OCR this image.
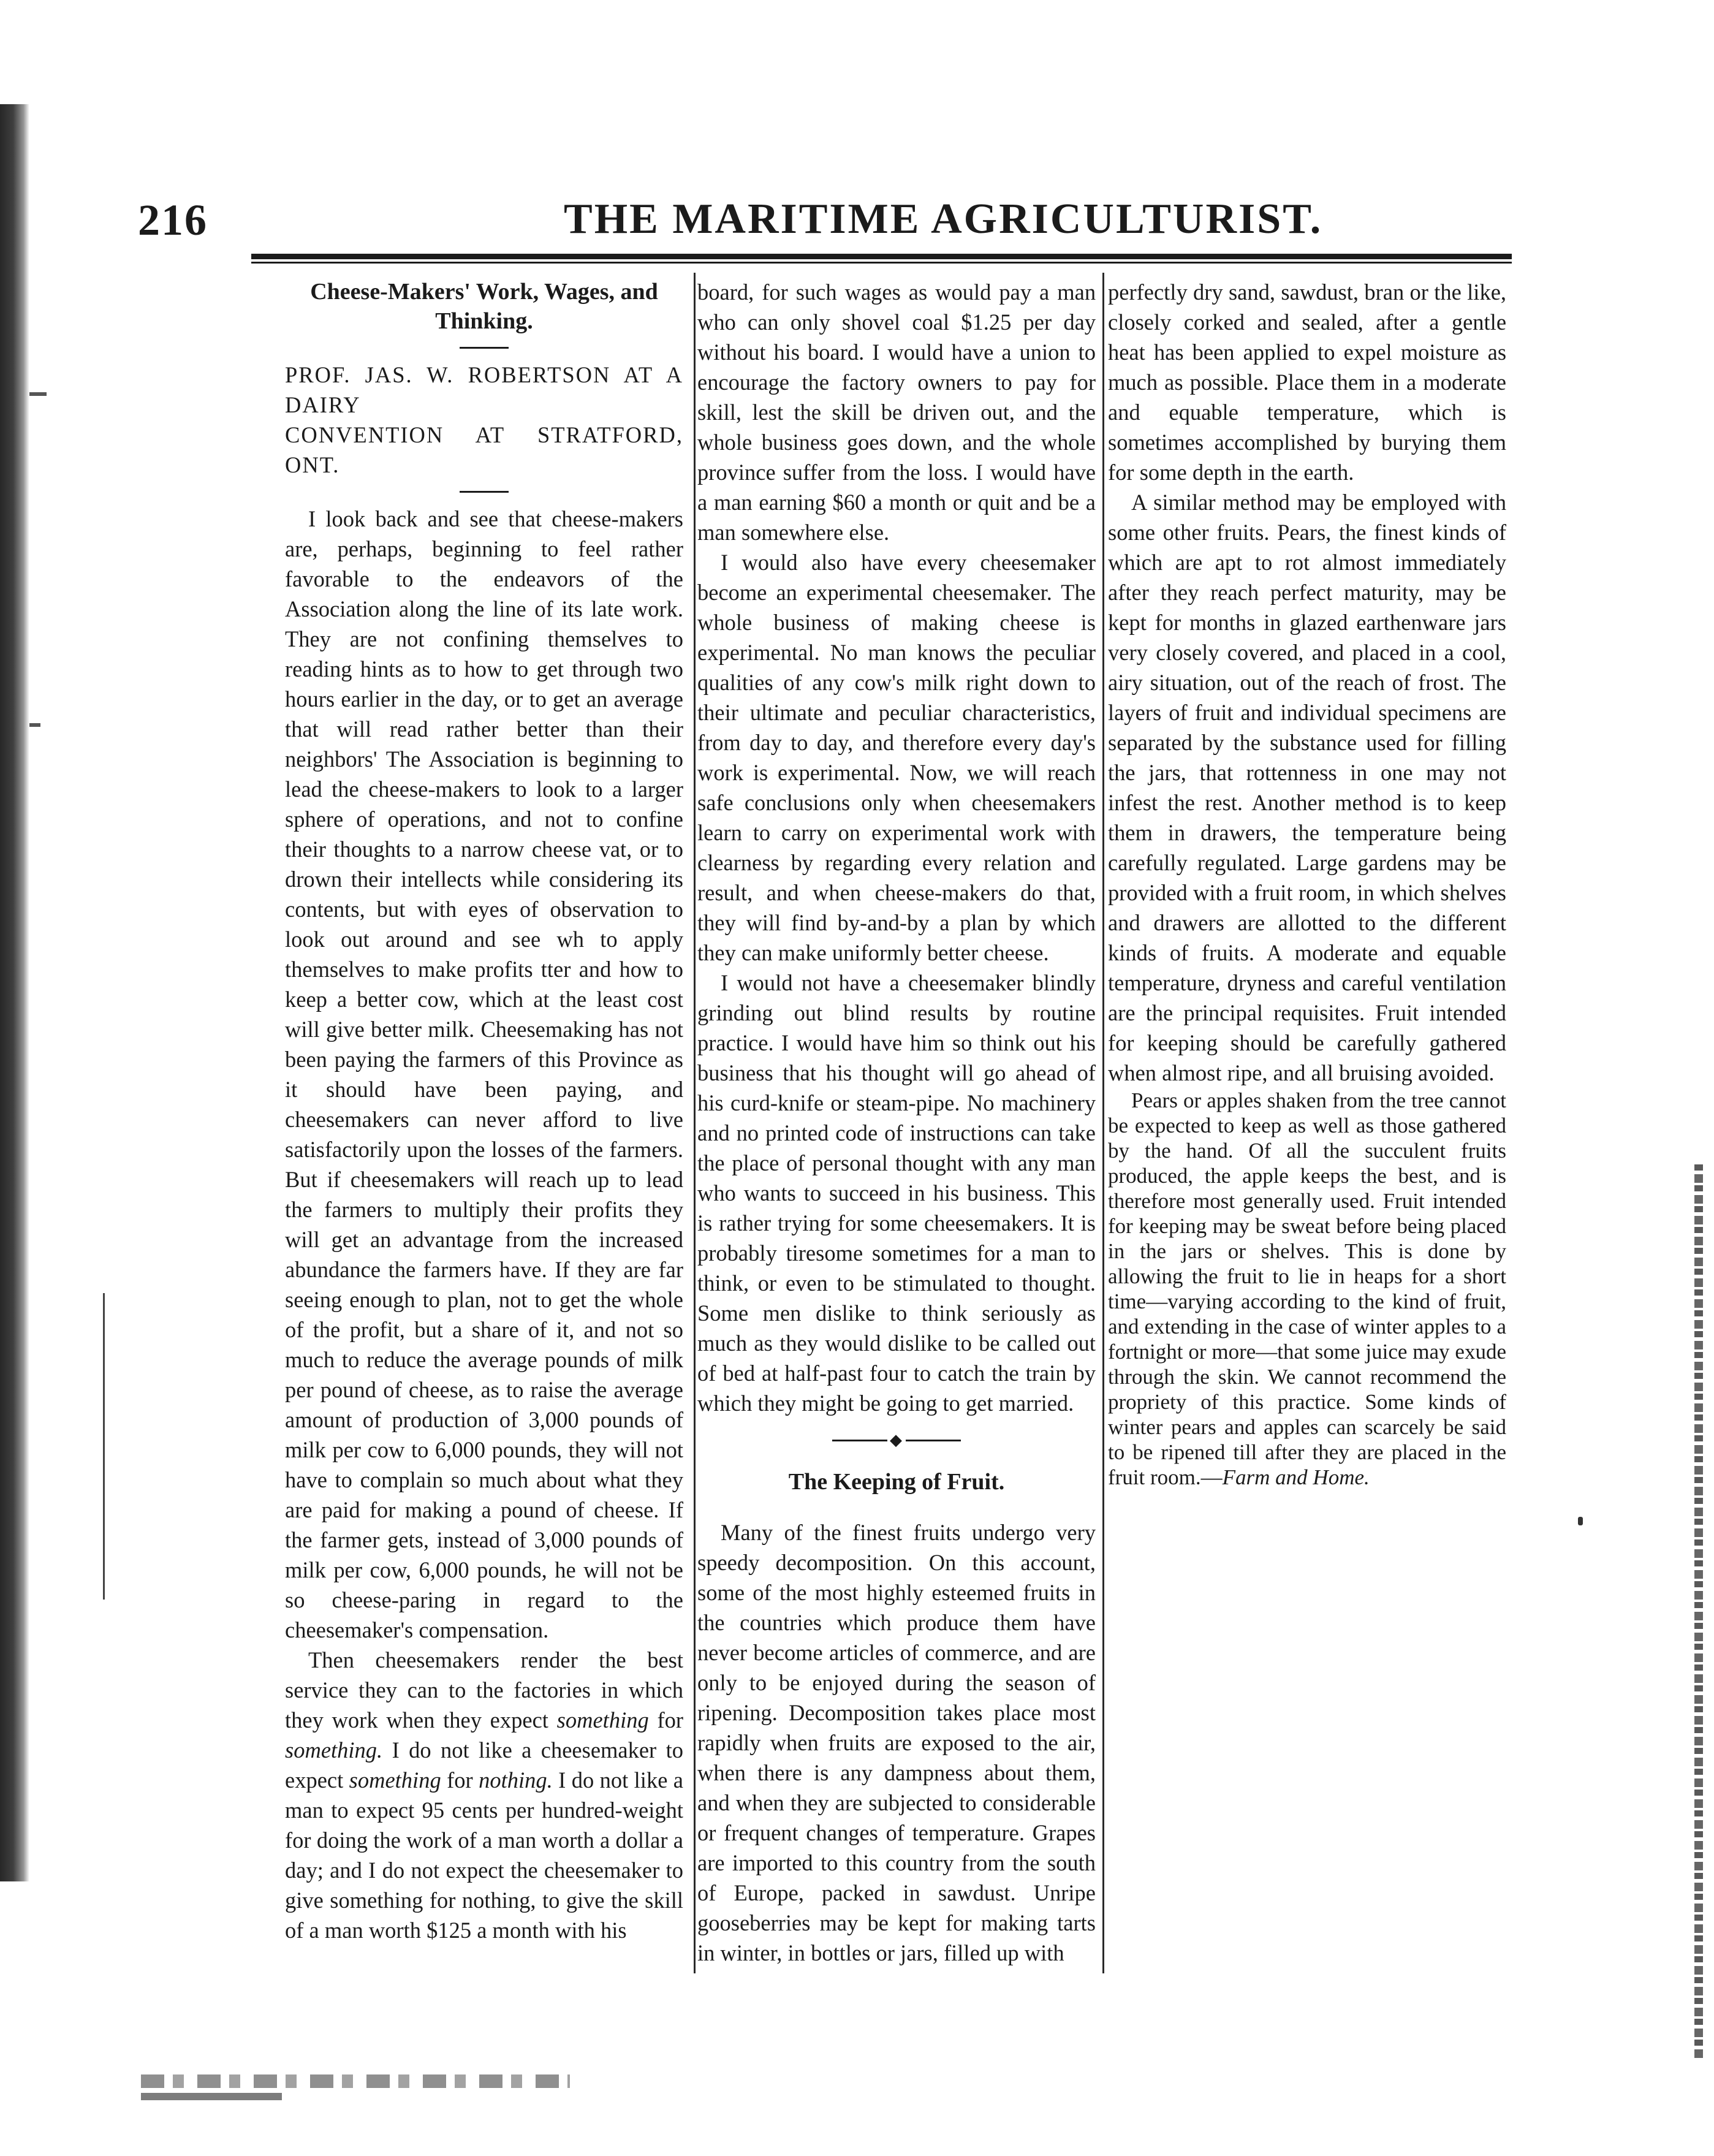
216	THE MARITIME AGRICULTURIST.
Cheese-Makers' Work, Wages, and Thinking.

PROF. JAS. W. ROBERTSON AT A DAIRY

CONVENTION AT STRATFORD, ONT.

I look back and see that cheese-makers are, perhaps, beginning to feel rather favorable to the endeavors of the Association along the line of its late work. They are not confining themselves to reading hints as to how to get through two hours earlier in the day, or to get an average that will read rather better than their neighbors' The Association is beginning to lead the cheese-makers to look to a larger sphere of operations, and not to confine their thoughts to a narrow cheese vat, or to drown their intellects while considering its contents, but with eyes of observation to look out around and see wh to apply themselves to make profits tter and how to keep a better cow, which at the least cost will give better milk. Cheesemaking has not been paying the farmers of this Province as it should have been paying, and cheesemakers can never afford to live satisfactorily upon the losses of the farmers. But if cheesemakers will reach up to lead the farmers to multiply their profits they will get an advantage from the increased abundance the farmers have. If they are far seeing enough to plan, not to get the whole of the profit, but a share of it, and not so much to reduce the average pounds of milk per pound of cheese, as to raise the average amount of production of 3,000 pounds of milk per cow to 6,000 pounds, they will not have to complain so much about what they are paid for making a pound of cheese. If the farmer gets, instead of 3,000 pounds of milk per cow, 6,000 pounds, he will not be so cheese-paring in regard to the cheesemaker's compensation.

Then cheesemakers render the best service they can to the factories in which they work when they expect something for something. I do not like a cheesemaker to expect something for nothing. I do not like a man to expect 95 cents per hundred-weight for doing the work of a man worth a dollar a day; and I do not expect the cheesemaker to give something for nothing, to give the skill of a man worth $125 a month with his

board, for such wages as would pay a man who can only shovel coal $1.25 per day without his board. I would have a union to encourage the factory owners to pay for skill, lest the skill be driven out, and the whole business goes down, and the whole province suffer from the loss. I would have a man earning $60 a month or quit and be a man somewhere else.

I would also have every cheesemaker become an experimental cheesemaker. The whole business of making cheese is experimental. No man knows the peculiar qualities of any cow's milk right down to their ultimate and peculiar characteristics, from day to day, and therefore every day's work is experimental. Now, we will reach safe conclusions only when cheesemakers learn to carry on experimental work with clearness by regarding every relation and result, and when cheese-makers do that, they will find by-and-by a plan by which they can make uniformly better cheese.

I would not have a cheesemaker blindly grinding out blind results by routine practice. I would have him so think out his business that his thought will go ahead of his curd-knife or steam-pipe. No machinery and no printed code of instructions can take the place of personal thought with any man who wants to succeed in his business. This is rather trying for some cheesemakers. It is probably tiresome sometimes for a man to think, or even to be stimulated to thought. Some men dislike to think seriously as much as they would dislike to be called out of bed at half-past four to catch the train by which they might be going to get married.

◆
The Keeping of Fruit.

Many of the finest fruits undergo very speedy decomposition. On this account, some of the most highly esteemed fruits in the countries which produce them have never become articles of commerce, and are only to be enjoyed during the season of ripening. Decomposition takes place most rapidly when fruits are exposed to the air, when there is any dampness about them, and when they are subjected to considerable or frequent changes of temperature. Grapes are imported to this country from the south of Europe, packed in sawdust. Unripe gooseberries may be kept for making tarts in winter, in bottles or jars, filled up with

perfectly dry sand, sawdust, bran or the like, closely corked and sealed, after a gentle heat has been applied to expel moisture as much as possible. Place them in a moderate and equable temperature, which is sometimes accomplished by burying them for some depth in the earth.

A similar method may be employed with some other fruits. Pears, the finest kinds of which are apt to rot almost immediately after they reach perfect maturity, may be kept for months in glazed earthenware jars very closely covered, and placed in a cool, airy situation, out of the reach of frost. The layers of fruit and individual specimens are separated by the substance used for filling the jars, that rottenness in one may not infest the rest. Another method is to keep them in drawers, the temperature being carefully regulated. Large gardens may be provided with a fruit room, in which shelves and drawers are allotted to the different kinds of fruits. A moderate and equable temperature, dryness and careful ventilation are the principal requisites. Fruit intended for keeping should be carefully gathered when almost ripe, and all bruising avoided.

Pears or apples shaken from the tree cannot be expected to keep as well as those gathered by the hand. Of all the succulent fruits produced, the apple keeps the best, and is therefore most generally used. Fruit intended for keeping may be sweat before being placed in the jars or shelves. This is done by allowing the fruit to lie in heaps for a short time—varying according to the kind of fruit, and extending in the case of winter apples to a fortnight or more—that some juice may exude through the skin. We cannot recommend the propriety of this practice. Some kinds of winter pears and apples can scarcely be said to be ripened till after they are placed in the fruit room.—Farm and Home.
